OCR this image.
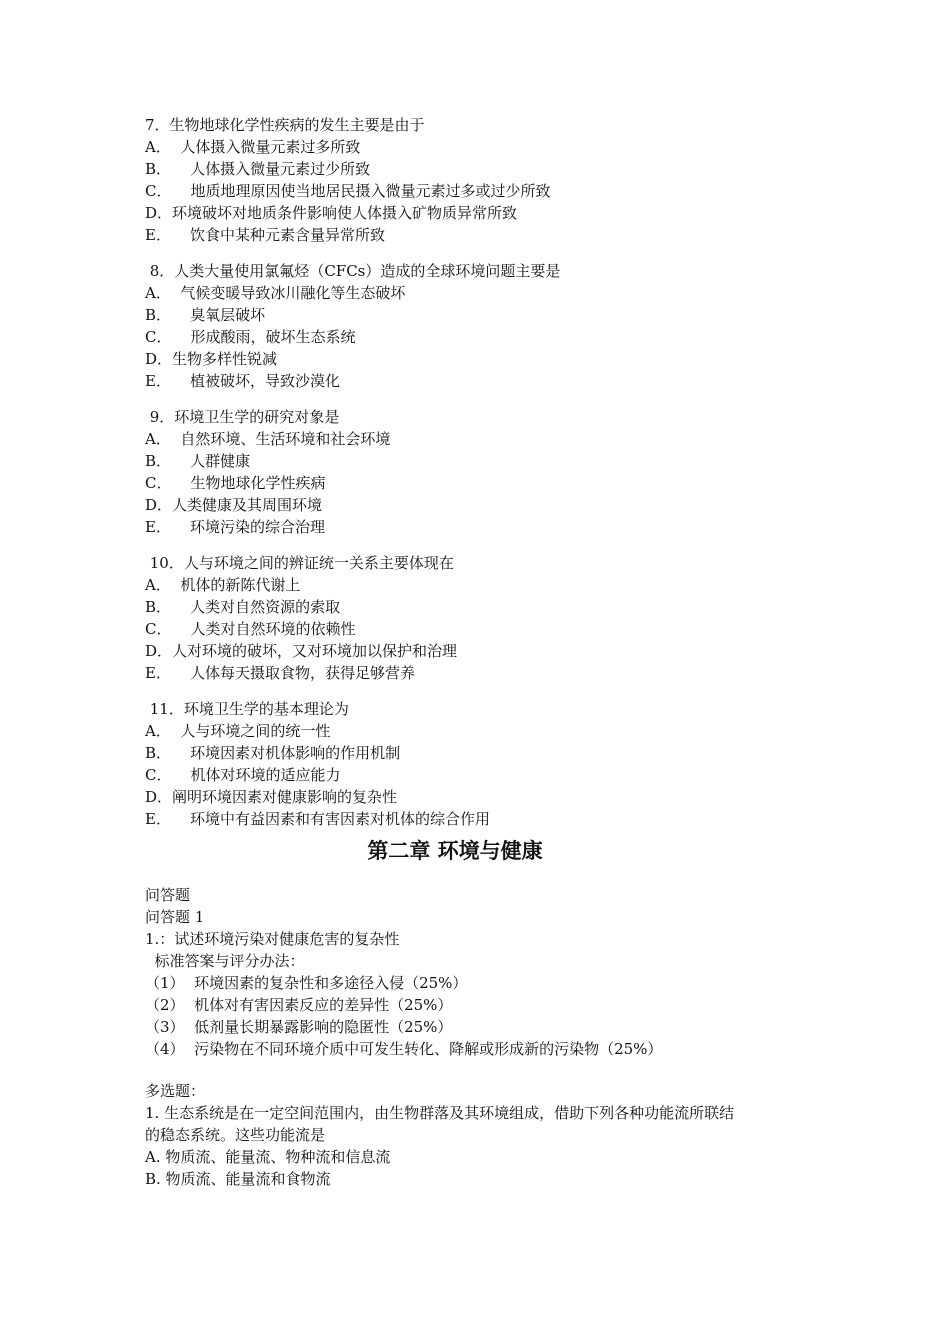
7．生物地球化学性疾病的发生主要是由于
A．  人体摄入微量元素过多所致
B．    人体摄入微量元素过少所致
C．    地质地理原因使当地居民摄入微量元素过多或过少所致
D．环境破坏对地质条件影响使人体摄入矿物质异常所致
E．    饮食中某种元素含量异常所致
8．人类大量使用氯氟烃（CFCs）造成的全球环境问题主要是
A．  气候变暖导致冰川融化等生态破坏
B．    臭氧层破坏
C．    形成酸雨，破坏生态系统
D．生物多样性锐减
E．    植被破坏，导致沙漠化
9．环境卫生学的研究对象是
A．  自然环境、生活环境和社会环境
B．    人群健康
C．    生物地球化学性疾病
D．人类健康及其周围环境
E．    环境污染的综合治理
10．人与环境之间的辨证统一关系主要体现在
A．  机体的新陈代谢上
B．    人类对自然资源的索取
C．    人类对自然环境的依赖性
D．人对环境的破坏，又对环境加以保护和治理
E．    人体每天摄取食物，获得足够营养
11．环境卫生学的基本理论为
A．  人与环境之间的统一性
B．    环境因素对机体影响的作用机制
C．    机体对环境的适应能力
D．阐明环境因素对健康影响的复杂性
E．    环境中有益因素和有害因素对机体的综合作用
第二章 环境与健康
问答题
问答题 1
1.：试述环境污染对健康危害的复杂性
标准答案与评分办法：
（1）  环境因素的复杂性和多途径入侵（25%）
（2）  机体对有害因素反应的差异性（25%）
（3）  低剂量长期暴露影响的隐匿性（25%）
（4）  污染物在不同环境介质中可发生转化、降解或形成新的污染物（25%）
多选题：
1. 生态系统是在一定空间范围内，由生物群落及其环境组成，借助下列各种功能流所联结
的稳态系统。这些功能流是
A. 物质流、能量流、物种流和信息流
B. 物质流、能量流和食物流
